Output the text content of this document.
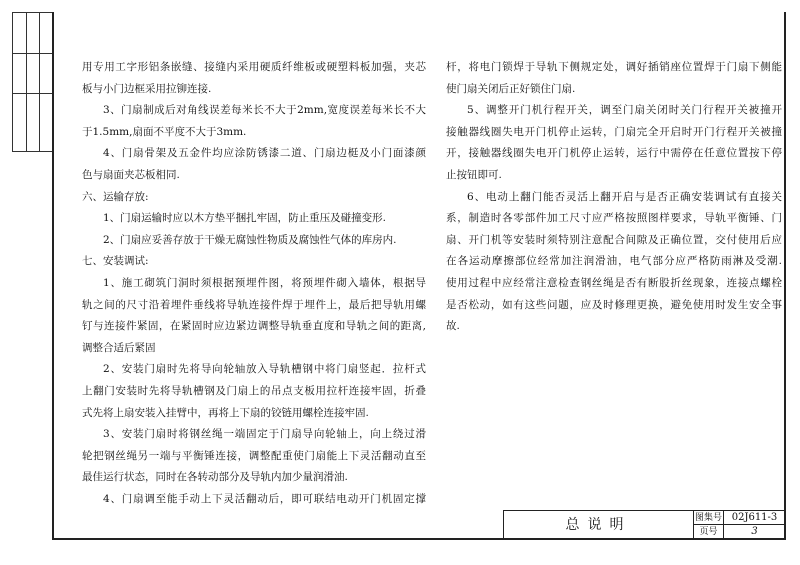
用专用工字形铝条嵌缝、接缝内采用硬质纤维板或硬塑料板加强，夹芯
板与小门边框采用拉铆连接.
3、门扇制成后对角线误差每米长不大于2mm,宽度误差每米长不大
于1.5mm,扇面不平度不大于3mm.
4、门扇骨架及五金件均应涂防锈漆二道、门扇边梃及小门面漆颜
色与扇面夹芯板相同.
六、运输存放:
1、门扇运输时应以木方垫平捆扎牢固，防止重压及碰撞变形.
2、门扇应妥善存放于干燥无腐蚀性物质及腐蚀性气体的库房内.
七、安装调试:
1、施工砌筑门洞时须根据预埋件图，将预埋件砌入墙体，根据导
轨之间的尺寸沿着埋件垂线将导轨连接件焊于埋件上，最后把导轨用螺
钉与连接件紧固，在紧固时应边紧边调整导轨垂直度和导轨之间的距离,
调整合适后紧固
2、安装门扇时先将导向轮轴放入导轨槽钢中将门扇竖起．拉杆式
上翻门安装时先将导轨槽钢及门扇上的吊点支板用拉杆连接牢固，折叠
式先将上扇安装入挂臂中，再将上下扇的铰链用螺栓连接牢固.
3、安装门扇时将钢丝绳一端固定于门扇导向轮轴上，向上绕过滑
轮把钢丝绳另一端与平衡锤连接，调整配重使门扇能上下灵活翻动直至
最佳运行状态，同时在各转动部分及导轨内加少量润滑油.
4、门扇调至能手动上下灵活翻动后，即可联结电动开门机固定撑
杆，将电门锁焊于导轨下侧规定处，调好插销座位置焊于门扇下侧能
使门扇关闭后正好锁住门扇.
5、调整开门机行程开关，调至门扇关闭时关门行程开关被撞开
接触器线圈失电开门机停止运转，门扇完全开启时开门行程开关被撞
开，接触器线圈失电开门机停止运转，运行中需停在任意位置按下停
止按钮即可.
6、电动上翻门能否灵活上翻开启与是否正确安装调试有直接关
系，制造时各零部件加工尺寸应严格按照图样要求，导轨平衡锤、门
扇、开门机等安装时须特别注意配合间隙及正确位置，交付使用后应
在各运动摩擦部位经常加注润滑油，电气部分应严格防雨淋及受潮.
使用过程中应经常注意检查钢丝绳是否有断股折丝现象，连接点螺栓
是否松动，如有这些问题，应及时修理更换，避免使用时发生安全事
故.
总说明	图集号 02J611-3
页号	3
